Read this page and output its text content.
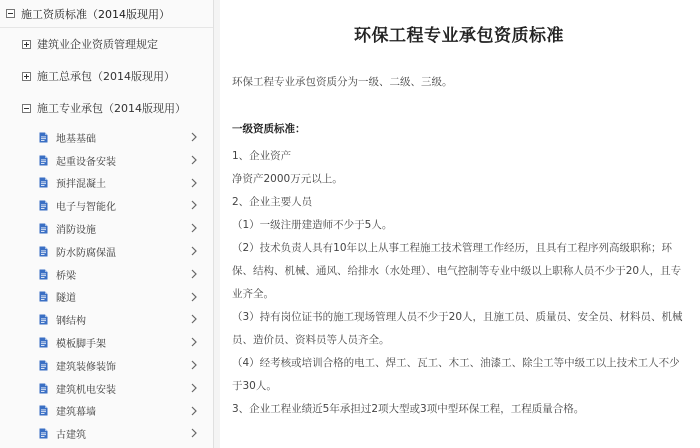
施工资质标准（2014版现用）
建筑业企业资质管理规定
施工总承包（2014版现用）
施工专业承包（2014版现用）
地基基础
起重设备安装
预拌混凝土
电子与智能化
消防设施
防水防腐保温
桥梁
隧道
钢结构
模板脚手架
建筑装修装饰
建筑机电安装
建筑幕墙
古建筑
环保工程专业承包资质标准

环保工程专业承包资质分为一级、二级、三级。

一级资质标准：

1、企业资产

净资产2000万元以上。

2、企业主要人员

（1）一级注册建造师不少于5人。

（2）技术负责人具有10年以上从事工程施工技术管理工作经历，且具有工程序列高级职称；环保、结构、机械、通风、给排水（水处理）、电气控制等专业中级以上职称人员不少于20人，且专业齐全。

（3）持有岗位证书的施工现场管理人员不少于20人，且施工员、质量员、安全员、材料员、机械员、造价员、资料员等人员齐全。

（4）经考核或培训合格的电工、焊工、瓦工、木工、油漆工、除尘工等中级工以上技术工人不少于30人。

3、企业工程业绩近5年承担过2项大型或3项中型环保工程，工程质量合格。
